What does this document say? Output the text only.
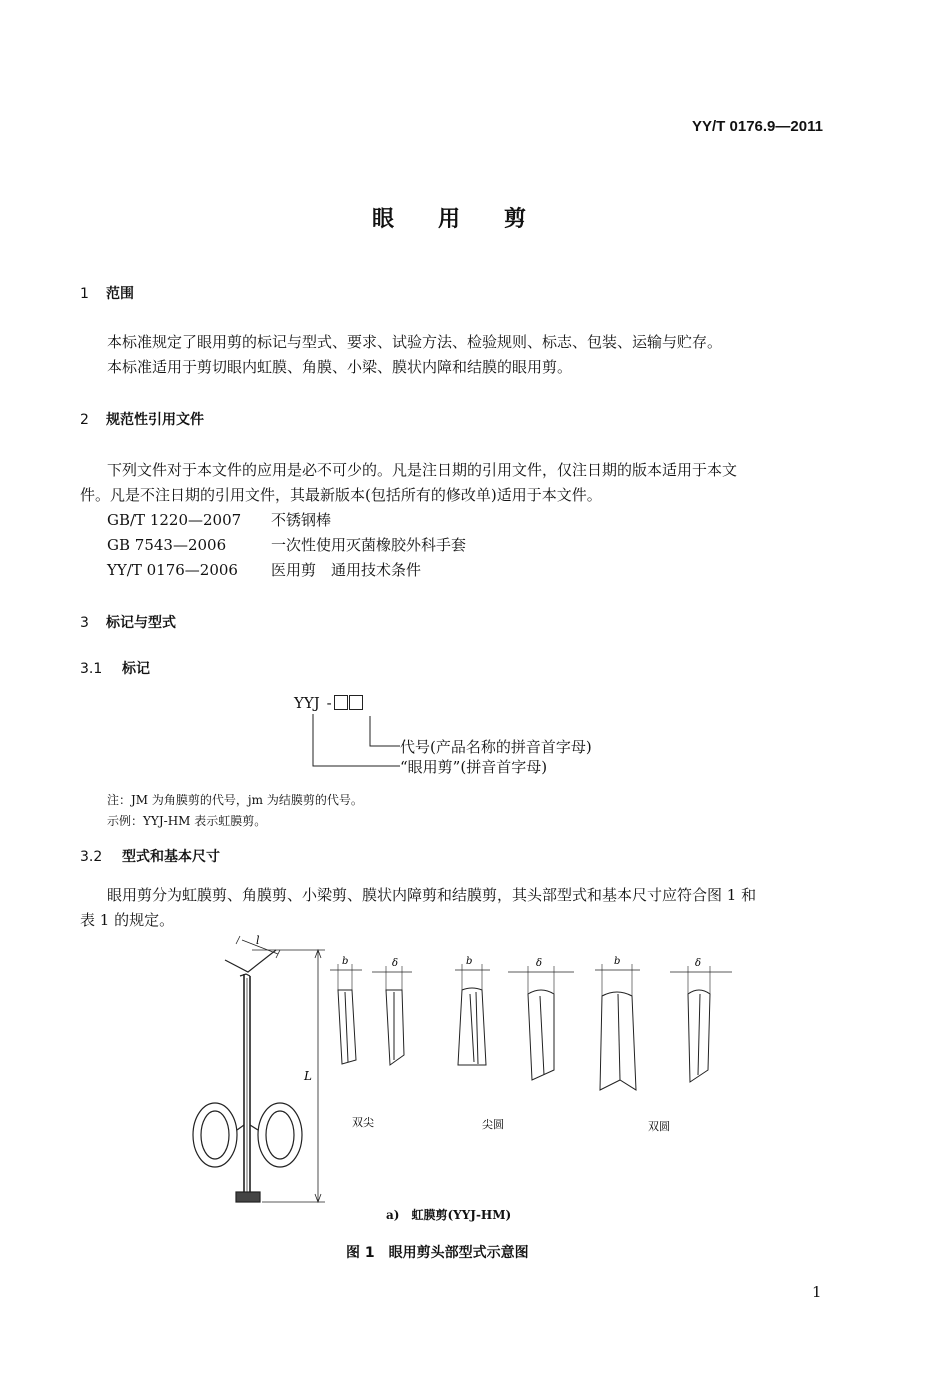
YY/T 0176.9—2011
眼用剪
1 范围
本标准规定了眼用剪的标记与型式、要求、试验方法、检验规则、标志、包装、运输与贮存。
本标准适用于剪切眼内虹膜、角膜、小梁、膜状内障和结膜的眼用剪。
2 规范性引用文件
下列文件对于本文件的应用是必不可少的。凡是注日期的引用文件，仅注日期的版本适用于本文
件。凡是不注日期的引用文件，其最新版本(包括所有的修改单)适用于本文件。
GB/T 1220—2007 不锈钢棒
GB 7543—2006	一次性使用灭菌橡胶外科手套
YY/T 0176—2006 医用剪　通用技术条件
3 标记与型式
3.1 标记
YYJ -
代号(产品名称的拼音首字母)
“眼用剪”(拼音首字母)
注：JM 为角膜剪的代号，jm 为结膜剪的代号。
示例：YYJ-HM 表示虹膜剪。
3.2 型式和基本尺寸
眼用剪分为虹膜剪、角膜剪、小梁剪、膜状内障剪和结膜剪，其头部型式和基本尺寸应符合图 1 和
表 1 的规定。
l
L
b	δ	b	δ	b	δ
双尖	尖圆	双圆
a)　虹膜剪(YYJ-HM)
图 1　眼用剪头部型式示意图
1
